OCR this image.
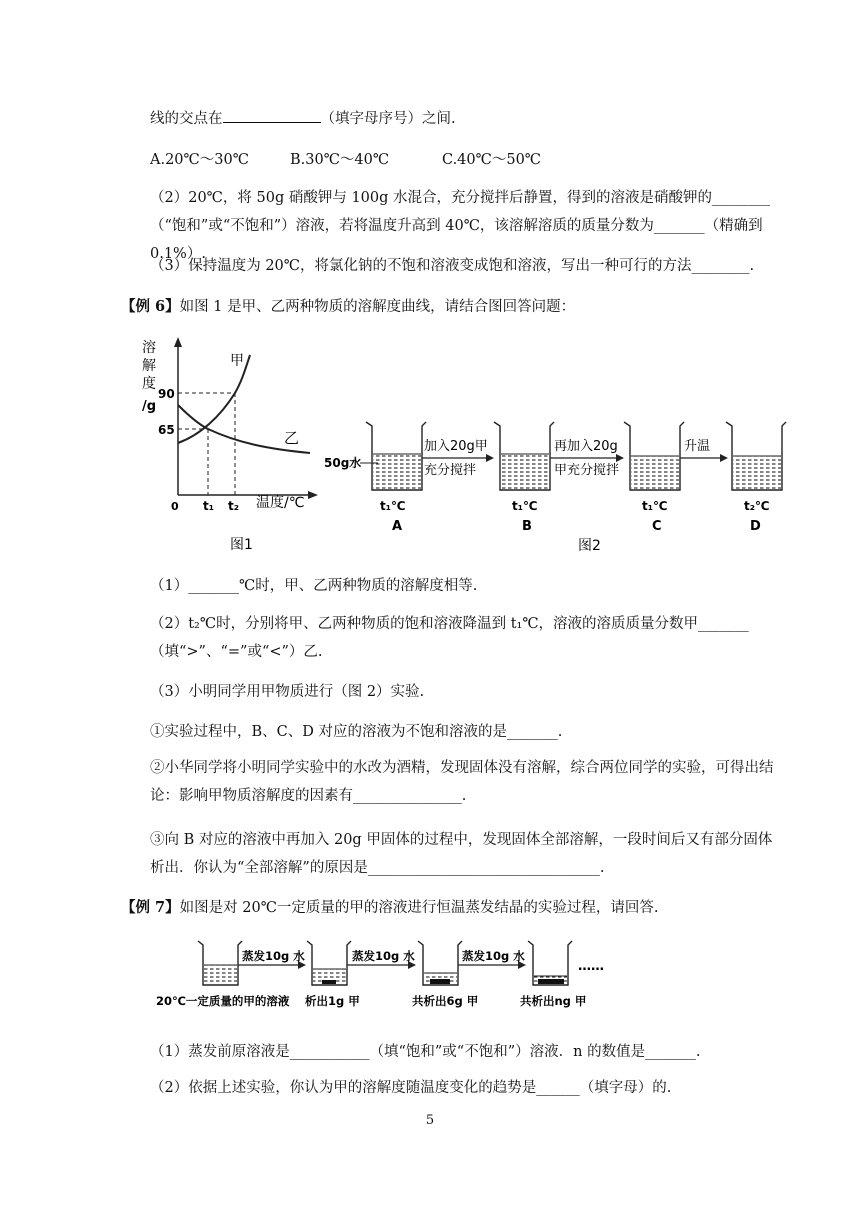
线的交点在	（填字母序号）之间.
A.20℃～30℃	B.30℃～40℃	C.40℃～50℃
（2）20℃，将 50g 硝酸钾与 100g 水混合，充分搅拌后静置，得到的溶液是硝酸钾的________（“饱和”或“不饱和”）溶液，若将温度升高到 40℃，该溶解溶质的质量分数为_______（精确到 0.1%）.
（3）保持温度为 20℃，将氯化钠的不饱和溶液变成饱和溶液，写出一种可行的方法________.
【例 6】如图 1 是甲、乙两种物质的溶解度曲线，请结合图回答问题：
溶
解
度
/g
90
65
0 t₁ t₂ 温度/℃
甲
乙
图1
50g水
加入20g甲
充分搅拌
再加入20g
甲充分搅拌
升温
t₁℃	t₁℃	t₁℃	t₂℃
A	B	C	D
图2
（1）_______℃时，甲、乙两种物质的溶解度相等.
（2）t₂℃时，分别将甲、乙两种物质的饱和溶液降温到 t₁℃，溶液的溶质质量分数甲_______（填“>”、“=”或“<”）乙.
（3）小明同学用甲物质进行（图 2）实验.
①实验过程中，B、C、D 对应的溶液为不饱和溶液的是_______.
②小华同学将小明同学实验中的水改为酒精，发现固体没有溶解，综合两位同学的实验，可得出结论：影响甲物质溶解度的因素有_______________.
③向 B 对应的溶液中再加入 20g 甲固体的过程中，发现固体全部溶解，一段时间后又有部分固体析出．你认为“全部溶解”的原因是________________________________.
【例 7】如图是对 20℃一定质量的甲的溶液进行恒温蒸发结晶的实验过程，请回答.
蒸发10g 水	蒸发10g 水	蒸发10g 水
……
20℃一定质量的甲的溶液 析出1g 甲	共析出6g 甲	共析出ng 甲
（1）蒸发前原溶液是___________（填“饱和”或“不饱和”）溶液．n 的数值是_______.
（2）依据上述实验，你认为甲的溶解度随温度变化的趋势是______（填字母）的.
5
